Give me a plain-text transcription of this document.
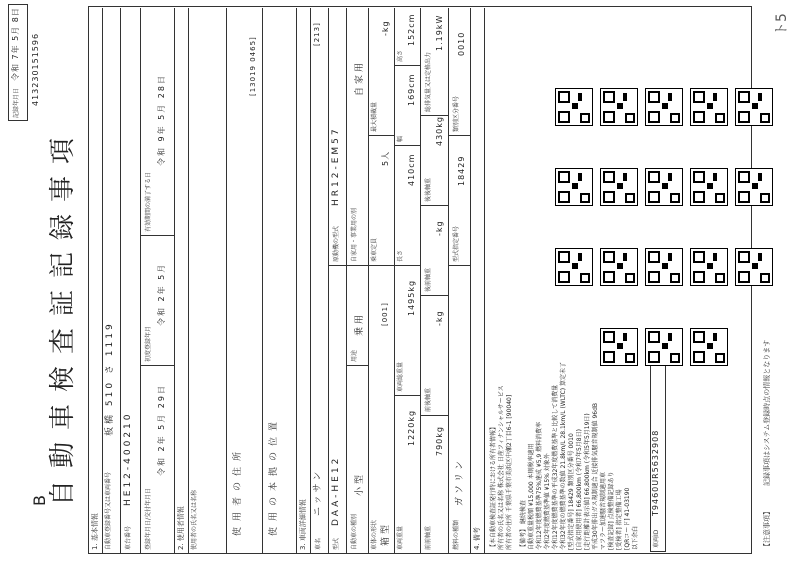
B 自動車検査証記録事項
記録年月日
令和 7年 5月 8日 413230151596
1. 基本情報 自動車登録番号又は車両番号
板橋 510 さ 1119
車台番号
HE12-400210
登録年月日/交付年月日
令和 2年 5月 29日
初度登録年月
令和 2年 5月
有効期間の満了する日
令和 9年 5月 28日
2. 使用者情報 使用者の氏名又は名称	使用者の住所
[13019 0465]
使用の本拠の位置	3. 車両詳細情報 車名
ニッサン
[213]
型式
DAA-HE12
原動機の型式
HR12-EM57
自動車の種別
小型
用途
乗用
自家用・事業用の別
自家用
車体の形状 箱型
[001]
乗車定員
5人
最大積載量
-kg
車両重量
1220kg
車両総重量
1495kg
長さ
410cm
幅
169cm
高さ
152cm
前前軸重
790kg
前後軸重
-kg
後前軸重
-kg
後後軸重
430kg
総排気量又は定格出力
1.19kW
燃料の種類
ガソリン
型式指定番号
18429
類別区分番号
0010
4. 備考 【本自動車検査証発行時における所有者情報】 所有者の氏名又は名称 株式会社 日産フィナンシャルサービス 所有者の住所 千葉県千葉市美浜区中瀬2丁目6-1 [90040] 【備考】 継続検査 自動車重量税額 ¥15,000 本則税率適用 令和12年度燃費基準75%達成 ¥5,9 燃料消費率 令和2年度燃費基準値 ¥15% 対象外 令和12年度燃費基準の平成32年度燃費基準と比較して消費量 令和32年度の燃費基準の数値 21.8km/L 28.1km/L (WLTC) 算定未了 [型式指定番号] 18429 類別区分番号 0010 [自家用使用者] 66,800km (令和7年5月8日) [走行距離計表示値] 66,800km (令和5年5月19日) 平成30年排出ガス規制適合 近接排気騒音規制値 96dB マフラー加速騒音規制適用車 [検査記録] 点検整備記録あり [受検者] 指定整備工場 [QRコード] 41-03190 以下余白 車両ID
T9460UR5632908
【注意事項】
記録事項はシステム登録時点の情報となります
ト5
